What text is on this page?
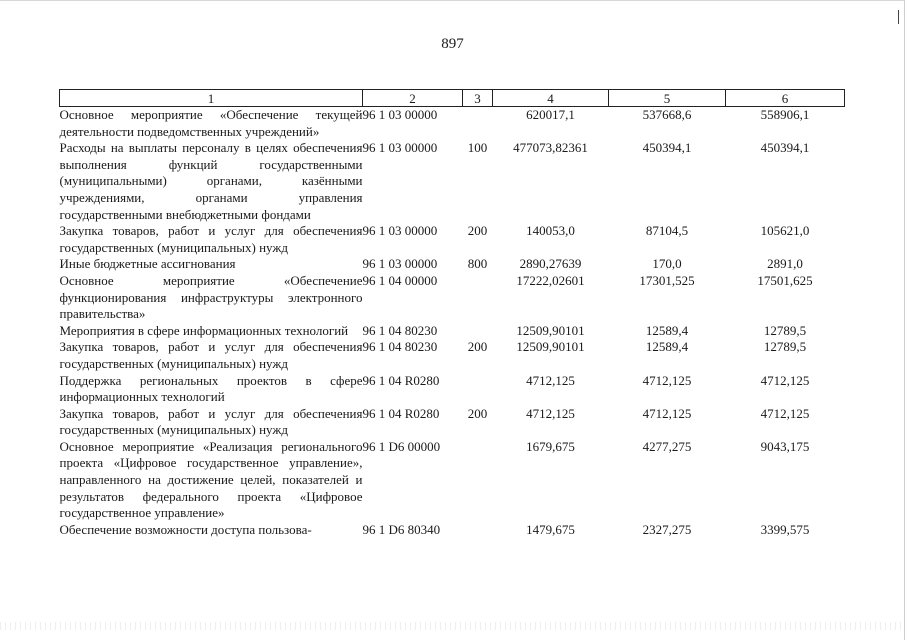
897
1	2	3	4	5	6
Основное мероприятие «Обеспечение текущей деятельности подведомственных учреждений»	96 1 03 00000		620017,1	537668,6	558906,1
Расходы на выплаты персоналу в целях обеспечения выполнения функций государственными (муниципальными) органами, казёнными учреждениями, органами управления государственными внебюджетными фондами	96 1 03 00000	100	477073,82361	450394,1	450394,1
Закупка товаров, работ и услуг для обеспечения государственных (муниципальных) нужд	96 1 03 00000	200	140053,0	87104,5	105621,0
Иные бюджетные ассигнования	96 1 03 00000	800	2890,27639	170,0	2891,0
Основное мероприятие «Обеспечение функционирования инфраструктуры электронного правительства»	96 1 04 00000		17222,02601	17301,525	17501,625
Мероприятия в сфере информационных технологий	96 1 04 80230		12509,90101	12589,4	12789,5
Закупка товаров, работ и услуг для обеспечения государственных (муниципальных) нужд	96 1 04 80230	200	12509,90101	12589,4	12789,5
Поддержка региональных проектов в сфере информационных технологий	96 1 04 R0280		4712,125	4712,125	4712,125
Закупка товаров, работ и услуг для обеспечения государственных (муниципальных) нужд	96 1 04 R0280	200	4712,125	4712,125	4712,125
Основное мероприятие «Реализация регионального проекта «Цифровое государственное управление», направленного на достижение целей, показателей и результатов федерального проекта «Цифровое государственное управление»	96 1 D6 00000		1679,675	4277,275	9043,175
Обеспечение возможности доступа пользова-	96 1 D6 80340		1479,675	2327,275	3399,575
